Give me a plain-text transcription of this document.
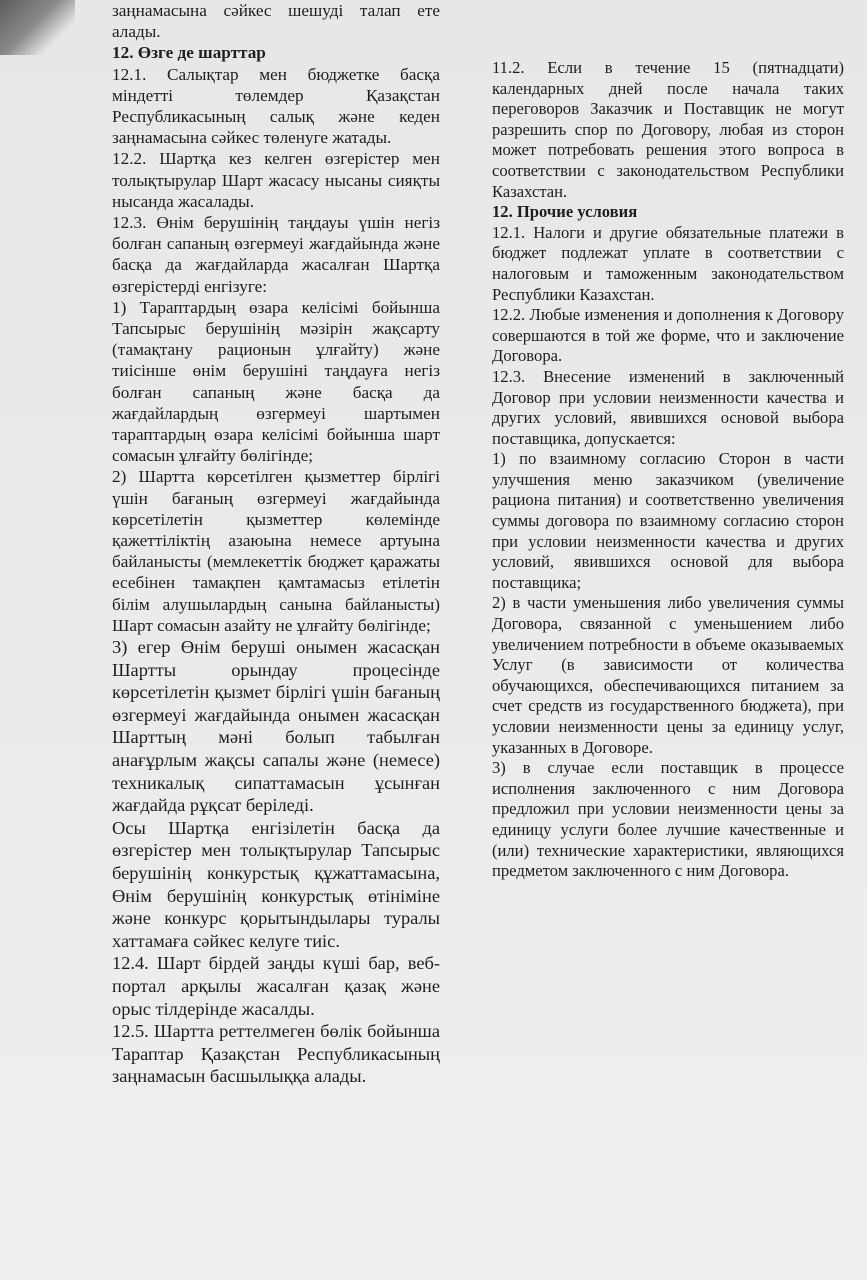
заңнамасына сәйкес шешуді талап ете алады.

12. Өзге де шарттар

12.1. Салықтар мен бюджетке басқа міндетті төлемдер Қазақстан Республикасының салық және кеден заңнамасына сәйкес төленуге жатады.

12.2. Шартқа кез келген өзгерістер мен толықтырулар Шарт жасасу нысаны сияқты нысанда жасалады.

12.3. Өнім берушінің таңдауы үшін негіз болған сапаның өзгермеуі жағдайында және басқа да жағдайларда жасалған Шартқа өзгерістерді енгізуге:

1) Тараптардың өзара келісімі бойынша Тапсырыс берушінің мәзірін жақсарту (тамақтану рационын ұлғайту) және тиісінше өнім берушіні таңдауға негіз болған сапаның және басқа да жағдайлардың өзгермеуі шартымен тараптардың өзара келісімі бойынша шарт сомасын ұлғайту бөлігінде;

2) Шартта көрсетілген қызметтер бірлігі үшін бағаның өзгермеуі жағдайында көрсетілетін қызметтер көлемінде қажеттіліктің азаюына немесе артуына байланысты (мемлекеттік бюджет қаражаты есебінен тамақпен қамтамасыз етілетін білім алушылардың санына байланысты) Шарт сомасын азайту не ұлғайту бөлігінде;

3) егер Өнім беруші онымен жасасқан Шартты орындау процесінде көрсетілетін қызмет бірлігі үшін бағаның өзгермеуі жағдайында онымен жасасқан Шарттың мәні болып табылған анағұрлым жақсы сапалы және (немесе) техникалық сипаттамасын ұсынған жағдайда рұқсат беріледі.

Осы Шартқа енгізілетін басқа да өзгерістер мен толықтырулар Тапсырыс берушінің конкурстық құжаттамасына, Өнім берушінің конкурстық өтініміне және конкурс қорытындылары туралы хаттамаға сәйкес келуге тиіс.

12.4. Шарт бірдей заңды күші бар, веб-портал арқылы жасалған қазақ және орыс тілдерінде жасалды.

12.5. Шартта реттелмеген бөлік бойынша Тараптар Қазақстан Республикасының заңнамасын басшылыққа алады.

11.2. Если в течение 15 (пятнадцати) календарных дней после начала таких переговоров Заказчик и Поставщик не могут разрешить спор по Договору, любая из сторон может потребовать решения этого вопроса в соответствии с законодательством Республики Казахстан.

12. Прочие условия

12.1. Налоги и другие обязательные платежи в бюджет подлежат уплате в соответствии с налоговым и таможенным законодательством Республики Казахстан.

12.2. Любые изменения и дополнения к Договору совершаются в той же форме, что и заключение Договора.

12.3. Внесение изменений в заключенный Договор при условии неизменности качества и других условий, явившихся основой выбора поставщика, допускается:

1) по взаимному согласию Сторон в части улучшения меню заказчиком (увеличение рациона питания) и соответственно увеличения суммы договора по взаимному согласию сторон при условии неизменности качества и других условий, явившихся основой для выбора поставщика;

2) в части уменьшения либо увеличения суммы Договора, связанной с уменьшением либо увеличением потребности в объеме оказываемых Услуг (в зависимости от количества обучающихся, обеспечивающихся питанием за счет средств из государственного бюджета), при условии неизменности цены за единицу услуг, указанных в Договоре.

3) в случае если поставщик в процессе исполнения заключенного с ним Договора предложил при условии неизменности цены за единицу услуги более лучшие качественные и (или) технические характеристики, являющихся предметом заключенного с ним Договора.
